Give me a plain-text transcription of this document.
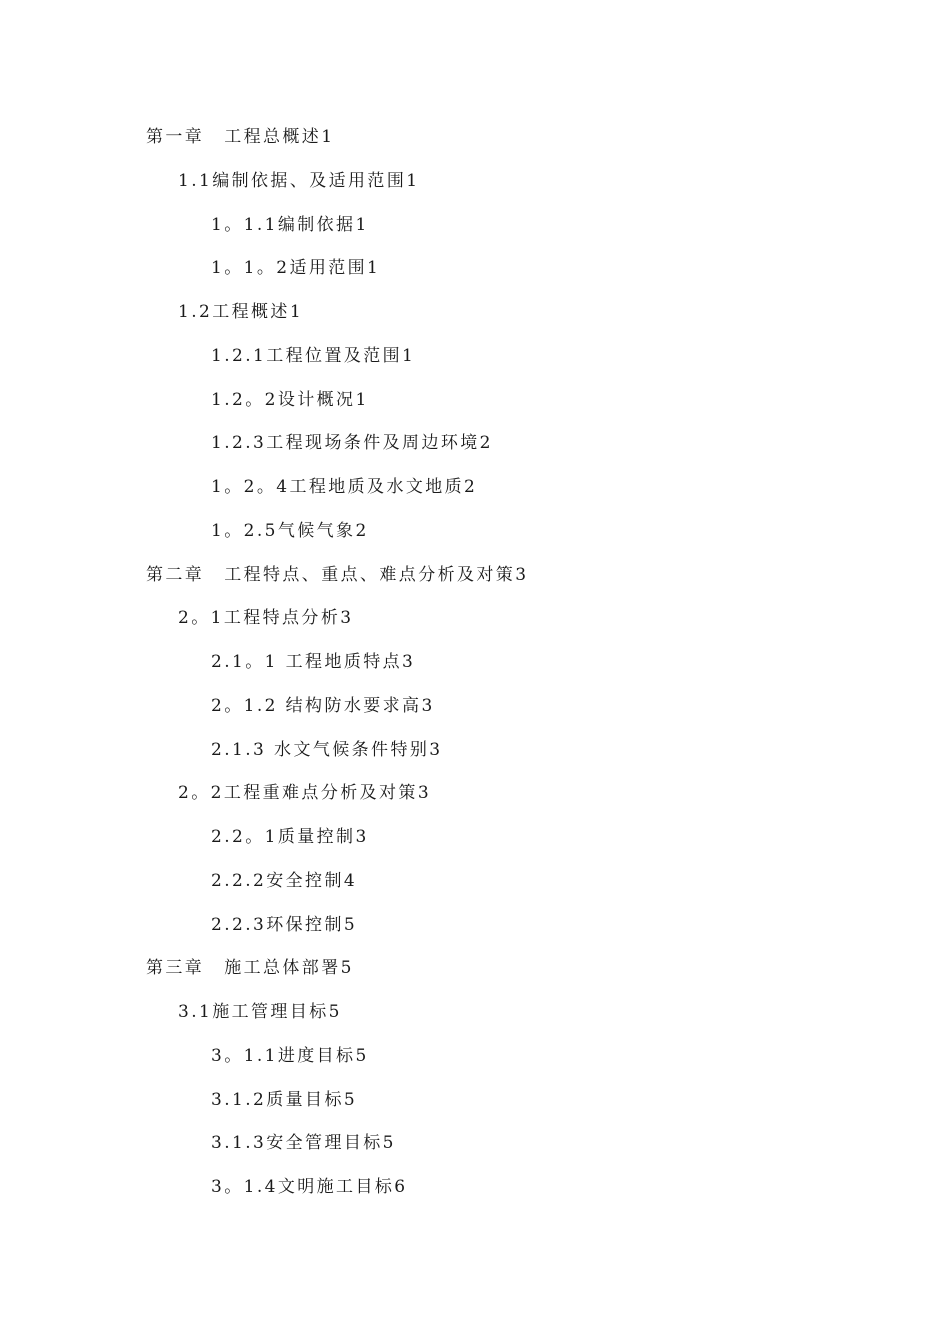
第一章 工程总概述1
1.1编制依据、及适用范围1
1。1.1编制依据1
1。1。2适用范围1
1.2工程概述1
1.2.1工程位置及范围1
1.2。2设计概况1
1.2.3工程现场条件及周边环境2
1。2。4工程地质及水文地质2
1。2.5气候气象2
第二章 工程特点、重点、难点分析及对策3
2。1工程特点分析3
2.1。1 工程地质特点3
2。1.2 结构防水要求高3
2.1.3 水文气候条件特别3
2。2工程重难点分析及对策3
2.2。1质量控制3
2.2.2安全控制4
2.2.3环保控制5
第三章 施工总体部署5
3.1施工管理目标5
3。1.1进度目标5
3.1.2质量目标5
3.1.3安全管理目标5
3。1.4文明施工目标6
